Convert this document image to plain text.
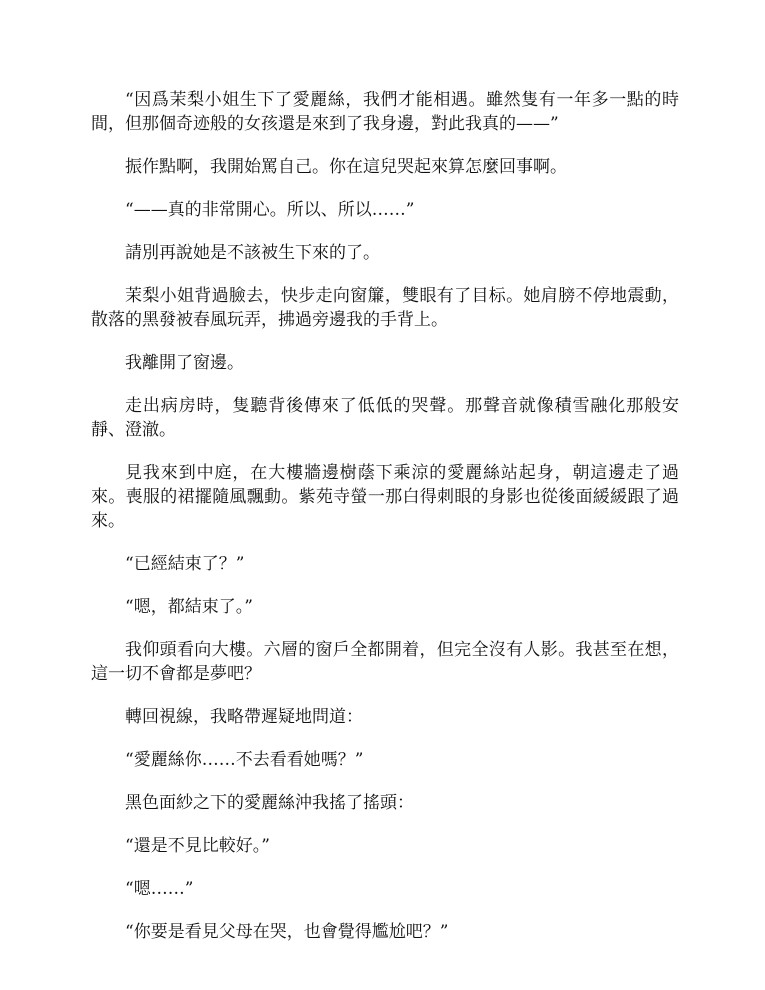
“因爲茉梨小姐生下了愛麗絲，我們才能相遇。雖然隻有一年多一點的時間，但那個奇迹般的女孩還是來到了我身邊，對此我真的——”

振作點啊，我開始罵自己。你在這兒哭起來算怎麼回事啊。

“——真的非常開心。所以、所以……”

請別再說她是不該被生下來的了。

茉梨小姐背過臉去，快步走向窗簾，雙眼有了目标。她肩膀不停地震動，散落的黑發被春風玩弄，拂過旁邊我的手背上。

我離開了窗邊。

走出病房時，隻聽背後傳來了低低的哭聲。那聲音就像積雪融化那般安靜、澄澈。

見我來到中庭，在大樓牆邊樹蔭下乘涼的愛麗絲站起身，朝這邊走了過來。喪服的裙擺隨風飄動。紫苑寺螢一那白得刺眼的身影也從後面緩緩跟了過來。

“已經結束了？”

“嗯，都結束了。”

我仰頭看向大樓。六層的窗戶全都開着，但完全沒有人影。我甚至在想，這一切不會都是夢吧？

轉回視線，我略帶遲疑地問道：

“愛麗絲你……不去看看她嗎？”

黑色面紗之下的愛麗絲沖我搖了搖頭：

“還是不見比較好。”

“嗯……”

“你要是看見父母在哭，也會覺得尷尬吧？”
